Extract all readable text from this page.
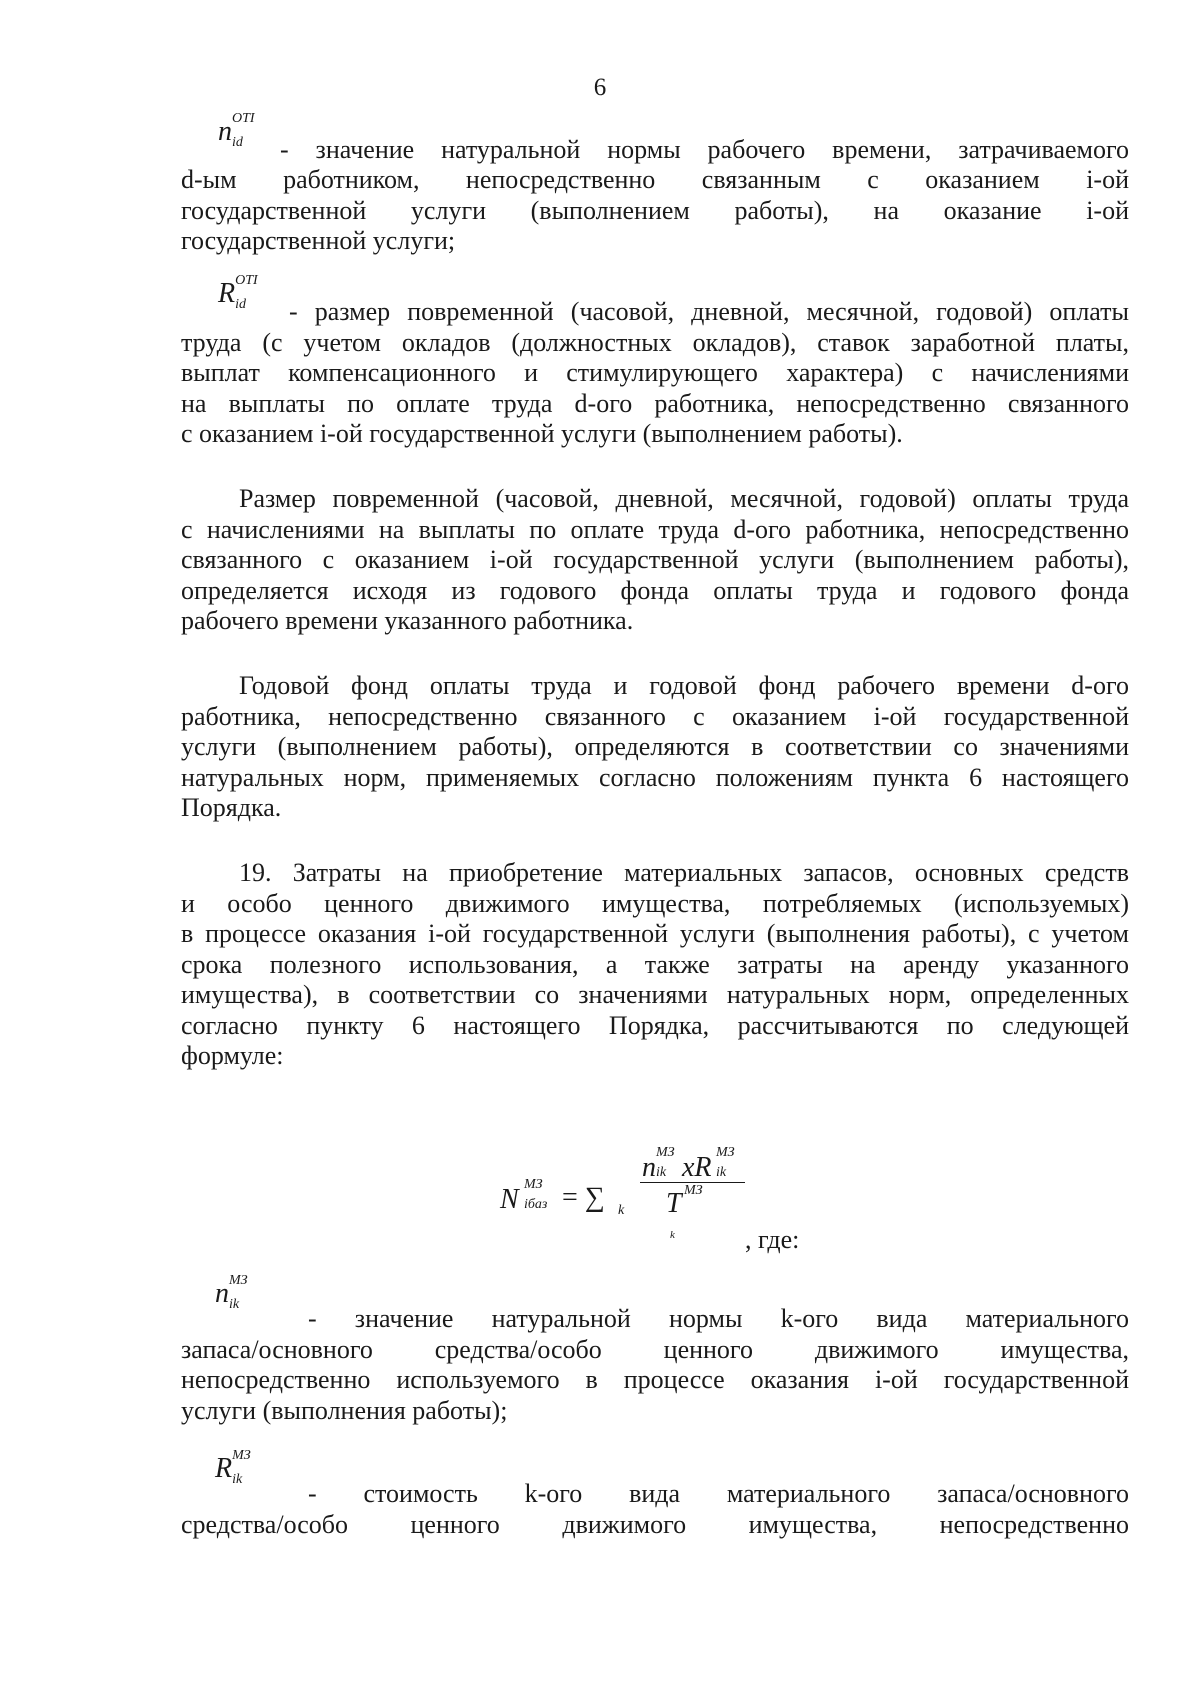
6
n OTI
id - значение натуральной нормы рабочего времени, затрачиваемого
d-ым работником, непосредственно связанным с оказанием i-ой
государственной услуги (выполнением работы), на оказание i-ой
государственной услуги;
R OTI
id - размер повременной (часовой, дневной, месячной, годовой) оплаты
труда (с учетом окладов (должностных окладов), ставок заработной платы,
выплат компенсационного и стимулирующего характера) с начислениями
на выплаты по оплате труда d-ого работника, непосредственно связанного
с оказанием i-ой государственной услуги (выполнением работы).
Размер повременной (часовой, дневной, месячной, годовой) оплаты труда
с начислениями на выплаты по оплате труда d-ого работника, непосредственно
связанного с оказанием i-ой государственной услуги (выполнением работы),
определяется исходя из годового фонда оплаты труда и годового фонда
рабочего времени указанного работника.
Годовой фонд оплаты труда и годовой фонд рабочего времени d-ого
работника, непосредственно связанного с оказанием i-ой государственной
услуги (выполнением работы), определяются в соответствии со значениями
натуральных норм, применяемых согласно положениям пункта 6 настоящего
Порядка.
19. Затраты на приобретение материальных запасов, основных средств
и особо ценного движимого имущества, потребляемых (используемых)
в процессе оказания i-ой государственной услуги (выполнения работы), с учетом
срока полезного использования, а также затраты на аренду указанного
имущества), в соответствии со значениями натуральных норм, определенных
согласно пункту 6 настоящего Порядка, рассчитываются по следующей
формуле:
N МЗ
iбаз = ∑ k
n МЗ
ik xR МЗ
ik
T МЗ
k	, где:
n МЗ
ik	- значение натуральной нормы k-ого вида материального
запаса/основного средства/особо ценного движимого имущества,
непосредственно используемого в процессе оказания i-ой государственной
услуги (выполнения работы);
R МЗ
ik	- стоимость k-ого вида материального запаса/основного
средства/особо ценного движимого имущества, непосредственно
